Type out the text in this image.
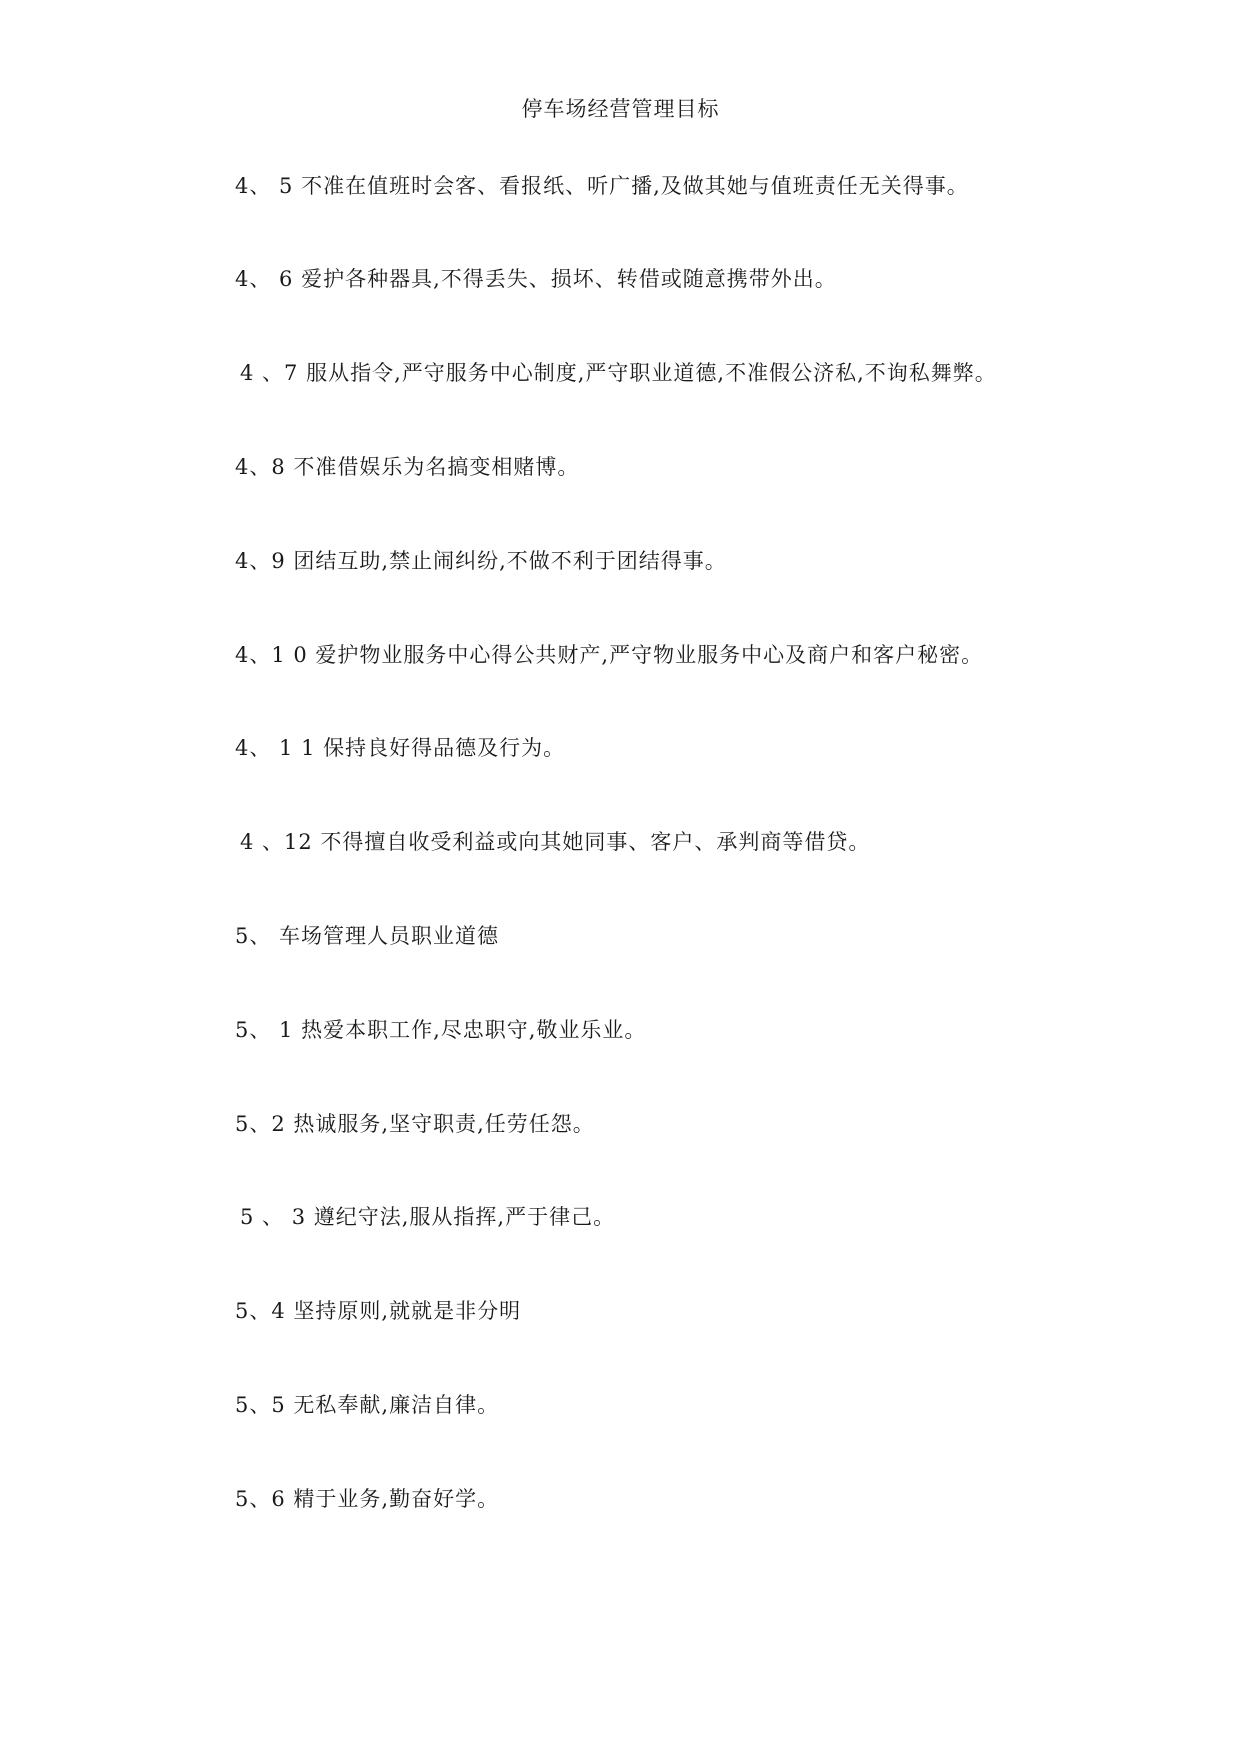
停车场经营管理目标
4、 5 不准在值班时会客、看报纸、听广播,及做其她与值班责任无关得事。
4、 6 爱护各种器具,不得丢失、损坏、转借或随意携带外出。
4 、7 服从指令,严守服务中心制度,严守职业道德,不准假公济私,不询私舞弊。
4、8 不准借娱乐为名搞变相赌博。
4、9 团结互助,禁止闹纠纷,不做不利于团结得事。
4、1 0 爱护物业服务中心得公共财产,严守物业服务中心及商户和客户秘密。
4、 1 1 保持良好得品德及行为。
4 、12 不得擅自收受利益或向其她同事、客户、承判商等借贷。
5、 车场管理人员职业道德
5、 1 热爱本职工作,尽忠职守,敬业乐业。
5、2 热诚服务,坚守职责,任劳任怨。
5 、 3 遵纪守法,服从指挥,严于律己。
5、4 坚持原则,就就是非分明
5、5 无私奉献,廉洁自律。
5、6 精于业务,勤奋好学。
